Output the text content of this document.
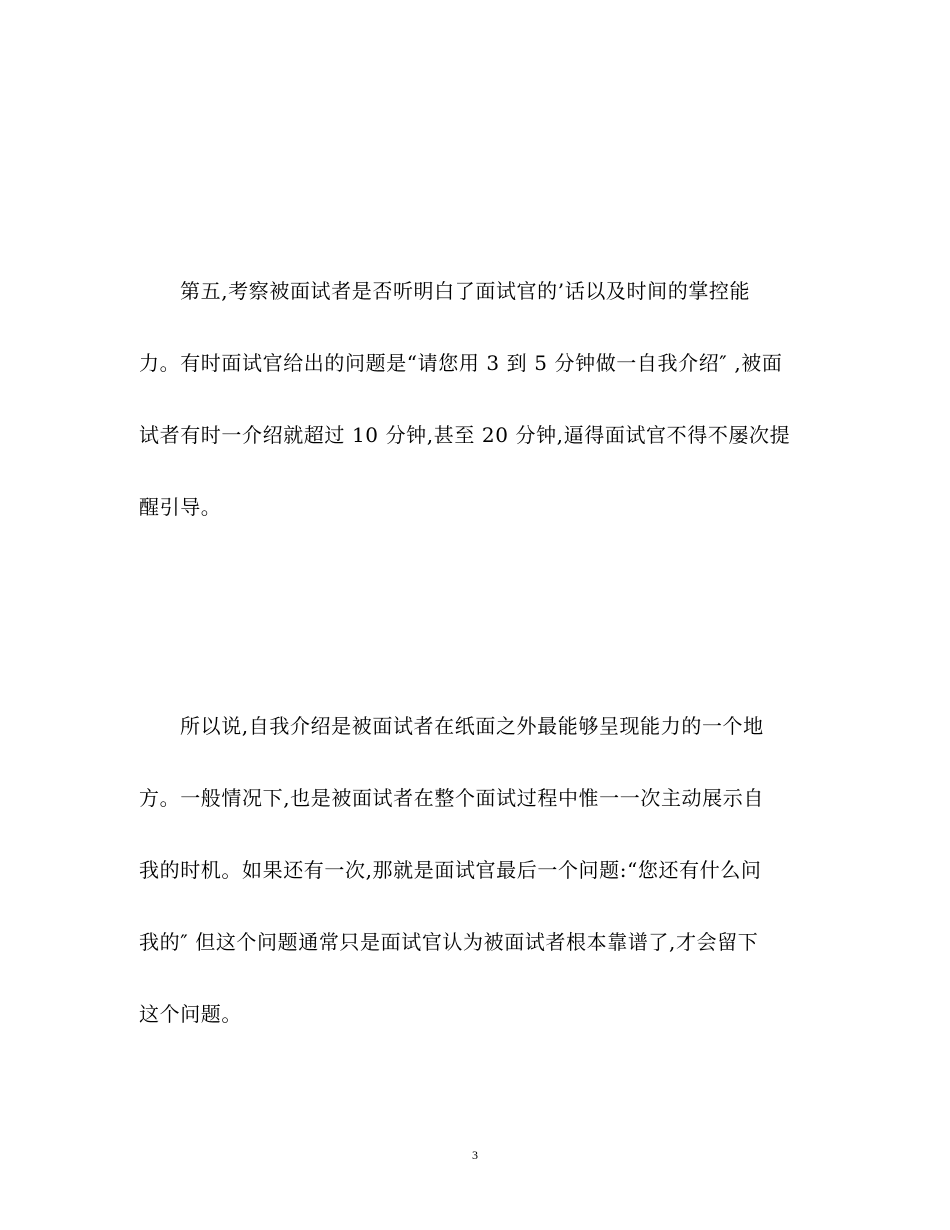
第五,考察被面试者是否听明白了面试官的’话以及时间的掌控能
力。有时面试官给出的问题是“请您用 3 到 5 分钟做一自我介绍″ ,被面
试者有时一介绍就超过 10 分钟,甚至 20 分钟,逼得面试官不得不屡次提
醒引导。
所以说,自我介绍是被面试者在纸面之外最能够呈现能力的一个地
方。一般情况下,也是被面试者在整个面试过程中惟一一次主动展示自
我的时机。如果还有一次,那就是面试官最后一个问题:“您还有什么问
我的″ 但这个问题通常只是面试官认为被面试者根本靠谱了,才会留下
这个问题。
3
